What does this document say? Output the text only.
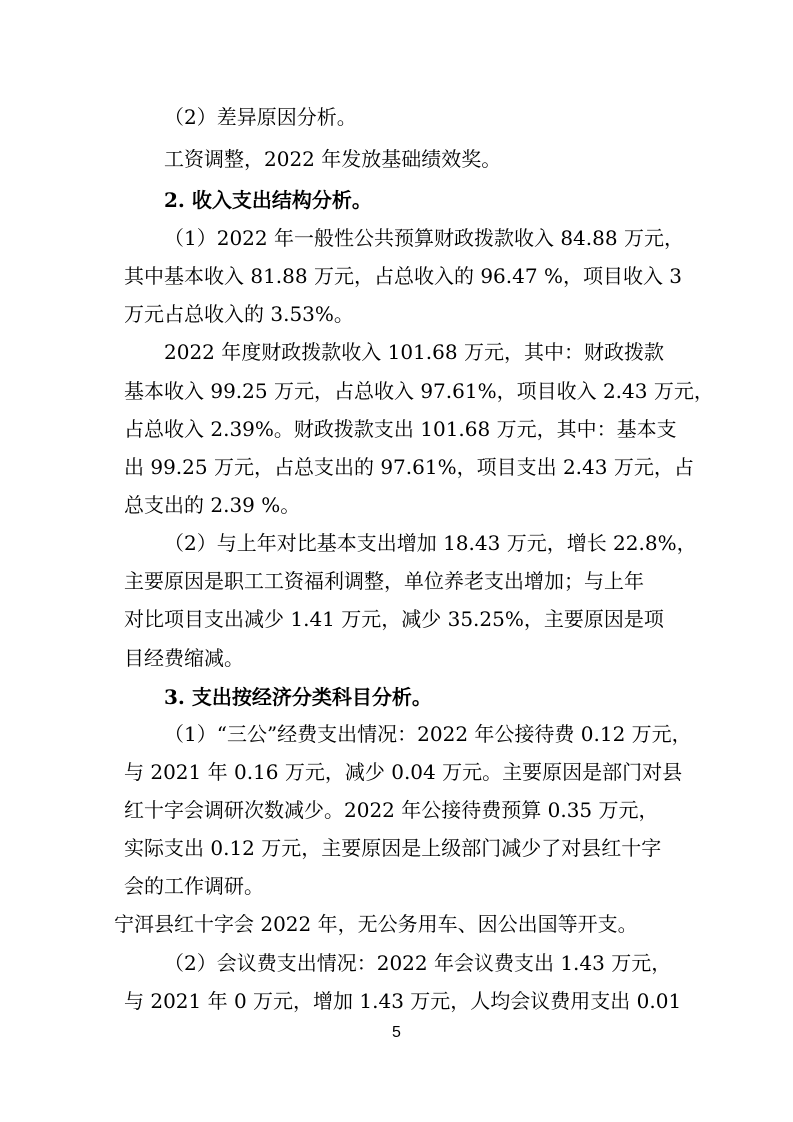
（2）差异原因分析。
工资调整，2022 年发放基础绩效奖。
2. 收入支出结构分析。
（1）2022 年一般性公共预算财政拨款收入 84.88 万元，
其中基本收入 81.88 万元，占总收入的 96.47 %，项目收入 3
万元占总收入的 3.53%。
2022 年度财政拨款收入 101.68 万元，其中：财政拨款
基本收入 99.25 万元，占总收入 97.61%，项目收入 2.43 万元，
占总收入 2.39%。财政拨款支出 101.68 万元，其中：基本支
出 99.25 万元，占总支出的 97.61%，项目支出 2.43 万元，占
总支出的 2.39 %。
（2）与上年对比基本支出增加 18.43 万元，增长 22.8%，
主要原因是职工工资福利调整，单位养老支出增加；与上年
对比项目支出减少 1.41 万元，减少 35.25%，主要原因是项
目经费缩减。
3. 支出按经济分类科目分析。
（1）“三公”经费支出情况：2022 年公接待费 0.12 万元，
与 2021 年 0.16 万元，减少 0.04 万元。主要原因是部门对县
红十字会调研次数减少。2022 年公接待费预算 0.35 万元，
实际支出 0.12 万元，主要原因是上级部门减少了对县红十字
会的工作调研。
宁洱县红十字会 2022 年，无公务用车、因公出国等开支。
（2）会议费支出情况：2022 年会议费支出 1.43 万元，
与 2021 年 0 万元，增加 1.43 万元，人均会议费用支出 0.01
5
